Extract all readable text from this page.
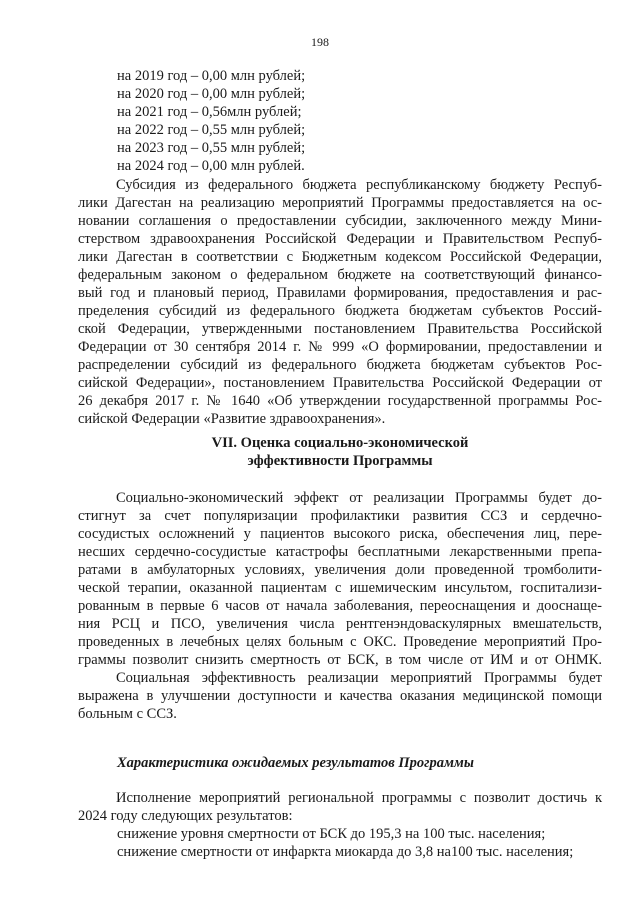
198
на 2019 год – 0,00 млн рублей;
на 2020 год – 0,00 млн рублей;
на 2021 год – 0,56млн рублей;
на 2022 год – 0,55 млн рублей;
на 2023 год – 0,55 млн рублей;
на 2024 год – 0,00 млн рублей.
Субсидия из федерального бюджета республиканскому бюджету Респуб-
лики Дагестан на реализацию мероприятий Программы предоставляется на ос-
новании соглашения о предоставлении субсидии, заключенного между Мини-
стерством здравоохранения Российской Федерации и Правительством Респуб-
лики Дагестан в соответствии с Бюджетным кодексом Российской Федерации,
федеральным законом о федеральном бюджете на соответствующий финансо-
вый год и плановый период, Правилами формирования, предоставления и рас-
пределения субсидий из федерального бюджета бюджетам субъектов Россий-
ской Федерации, утвержденными постановлением Правительства Российской
Федерации от 30 сентября 2014 г. № 999 «О формировании, предоставлении и
распределении субсидий из федерального бюджета бюджетам субъектов Рос-
сийской Федерации», постановлением Правительства Российской Федерации от
26 декабря 2017 г. № 1640 «Об утверждении государственной программы Рос-
сийской Федерации «Развитие здравоохранения».
VII. Оценка социально-экономической
эффективности Программы
Социально-экономический эффект от реализации Программы будет до-
стигнут за счет популяризации профилактики развития ССЗ и сердечно-
сосудистых осложнений у пациентов высокого риска, обеспечения лиц, пере-
несших сердечно-сосудистые катастрофы бесплатными лекарственными препа-
ратами в амбулаторных условиях, увеличения доли проведенной тромболити-
ческой терапии, оказанной пациентам с ишемическим инсультом, госпитализи-
рованным в первые 6 часов от начала заболевания, переоснащения и дооснаще-
ния РСЦ и ПСО, увеличения числа рентгенэндоваскулярных вмешательств,
проведенных в лечебных целях больным с ОКС. Проведение мероприятий Про-
граммы позволит снизить смертность от БСК, в том числе от ИМ и от ОНМК.
Социальная эффективность реализации мероприятий Программы будет
выражена в улучшении доступности и качества оказания медицинской помощи
больным с ССЗ.
Характеристика ожидаемых результатов Программы
Исполнение мероприятий региональной программы с позволит достичь к
2024 году следующих результатов:
снижение уровня смертности от БСК до 195,3 на 100 тыс. населения;
снижение смертности от инфаркта миокарда до 3,8 на100 тыс. населения;
